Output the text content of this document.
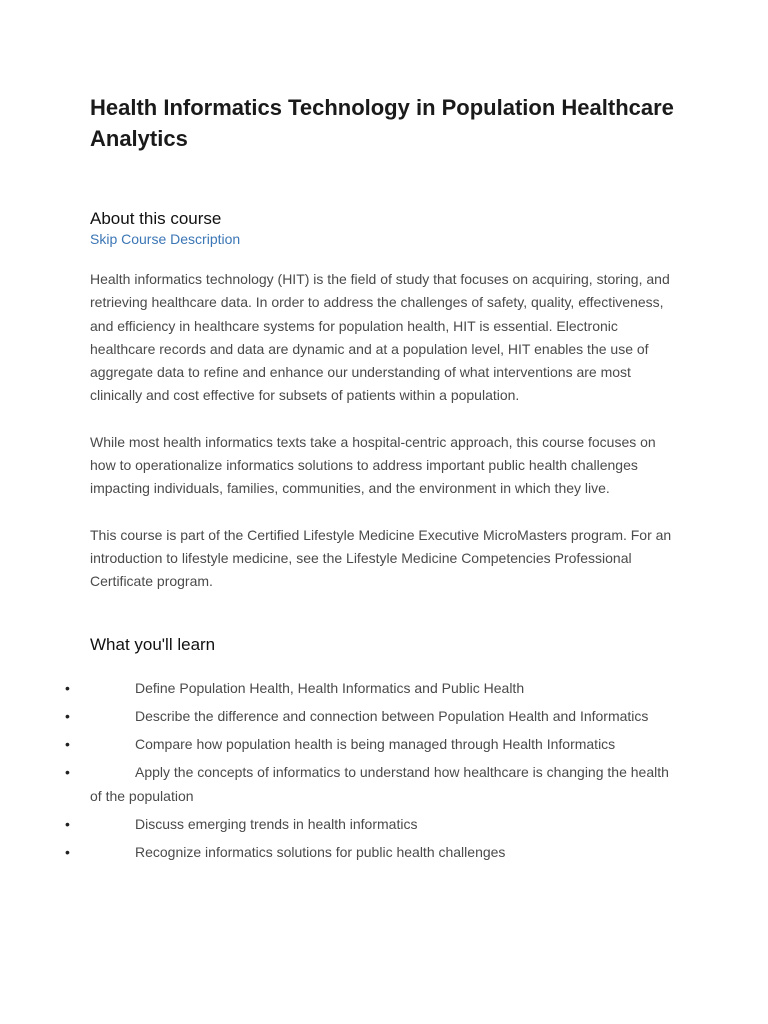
Health Informatics Technology in Population Healthcare Analytics
About this course
Skip Course Description

Health informatics technology (HIT) is the field of study that focuses on acquiring, storing, and retrieving healthcare data. In order to address the challenges of safety, quality, effectiveness, and efficiency in healthcare systems for population health, HIT is essential. Electronic healthcare records and data are dynamic and at a population level, HIT enables the use of aggregate data to refine and enhance our understanding of what interventions are most clinically and cost effective for subsets of patients within a population.

While most health informatics texts take a hospital-centric approach, this course focuses on how to operationalize informatics solutions to address important public health challenges impacting individuals, families, communities, and the environment in which they live.

This course is part of the Certified Lifestyle Medicine Executive MicroMasters program. For an introduction to lifestyle medicine, see the Lifestyle Medicine Competencies Professional Certificate program.

What you'll learn
•	Define Population Health, Health Informatics and Public Health
•	Describe the difference and connection between Population Health and Informatics
•	Compare how population health is being managed through Health Informatics
•	Apply the concepts of informatics to understand how healthcare is changing the health of the population
•	Discuss emerging trends in health informatics
•	Recognize informatics solutions for public health challenges
